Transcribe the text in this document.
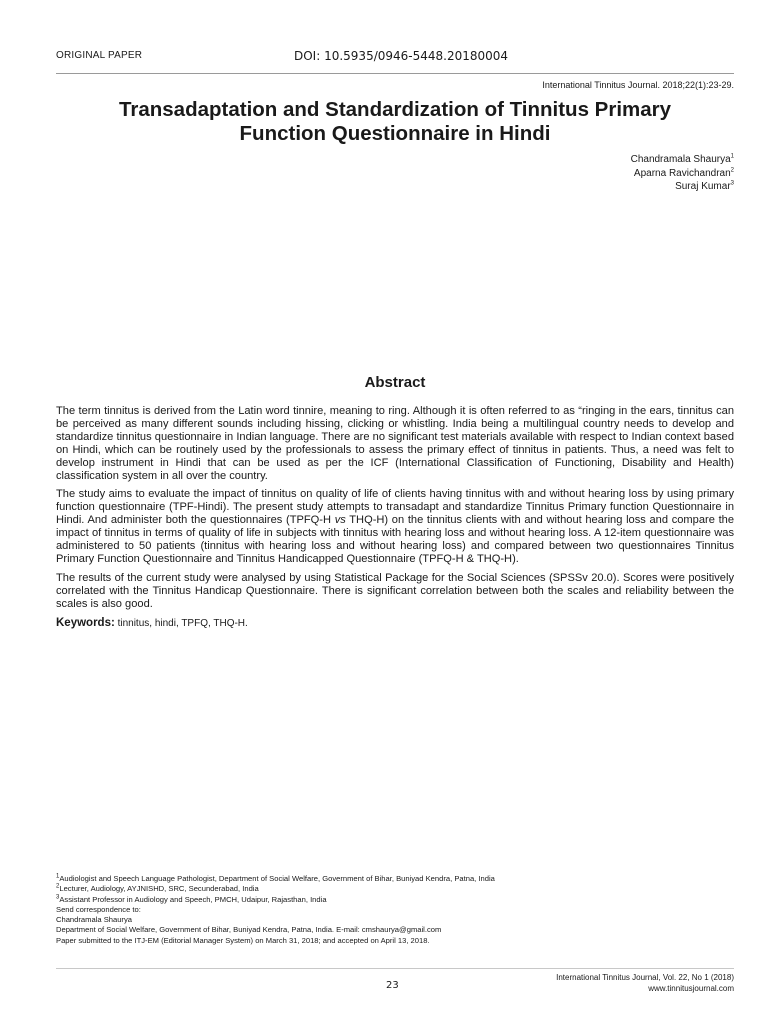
ORIGINAL PAPER	DOI: 10.5935/0946-5448.20180004
International Tinnitus Journal. 2018;22(1):23-29.
Transadaptation and Standardization of Tinnitus Primary
Function Questionnaire in Hindi
Chandramala Shaurya$^1$
Aparna Ravichandran$^2$
Suraj Kumar$^3$
Abstract

The term tinnitus is derived from the Latin word tinnire, meaning to ring. Although it is often referred to as “ringing in the ears, tinnitus can be perceived as many different sounds including hissing, clicking or whistling. India being a multilingual country needs to develop and standardize tinnitus questionnaire in Indian language. There are no significant test materials available with respect to Indian context based on Hindi, which can be routinely used by the professionals to assess the primary effect of tinnitus in patients. Thus, a need was felt to develop instrument in Hindi that can be used as per the ICF (International Classification of Functioning, Disability and Health) classification system in all over the country.

The study aims to evaluate the impact of tinnitus on quality of life of clients having tinnitus with and without hearing loss by using primary function questionnaire (TPF-Hindi). The present study attempts to transadapt and standardize Tinnitus Primary function Questionnaire in Hindi. And administer both the questionnaires (TPFQ-H vs THQ-H) on the tinnitus clients with and without hearing loss and compare the impact of tinnitus in terms of quality of life in subjects with tinnitus with hearing loss and without hearing loss. A 12-item questionnaire was administered to 50 patients (tinnitus with hearing loss and without hearing loss) and compared between two questionnaires Tinnitus Primary Function Questionnaire and Tinnitus Handicapped Questionnaire (TPFQ-H & THQ-H).

The results of the current study were analysed by using Statistical Package for the Social Sciences (SPSSv 20.0). Scores were positively correlated with the Tinnitus Handicap Questionnaire. There is significant correlation between both the scales and reliability between the scales is also good.

Keywords: tinnitus, hindi, TPFQ, THQ-H.

$^1$Audiologist and Speech Language Pathologist, Department of Social Welfare, Government of Bihar, Buniyad Kendra, Patna, India
$^2$Lecturer, Audiology, AYJNISHD, SRC, Secunderabad, India
$^3$Assistant Professor in Audiology and Speech, PMCH, Udaipur, Rajasthan, India
Send correspondence to:
Chandramala Shaurya
Department of Social Welfare, Government of Bihar, Buniyad Kendra, Patna, India. E-mail: cmshaurya@gmail.com
Paper submitted to the ITJ-EM (Editorial Manager System) on March 31, 2018; and accepted on April 13, 2018.
23
International Tinnitus Journal, Vol. 22, No 1 (2018)
www.tinnitusjournal.com
